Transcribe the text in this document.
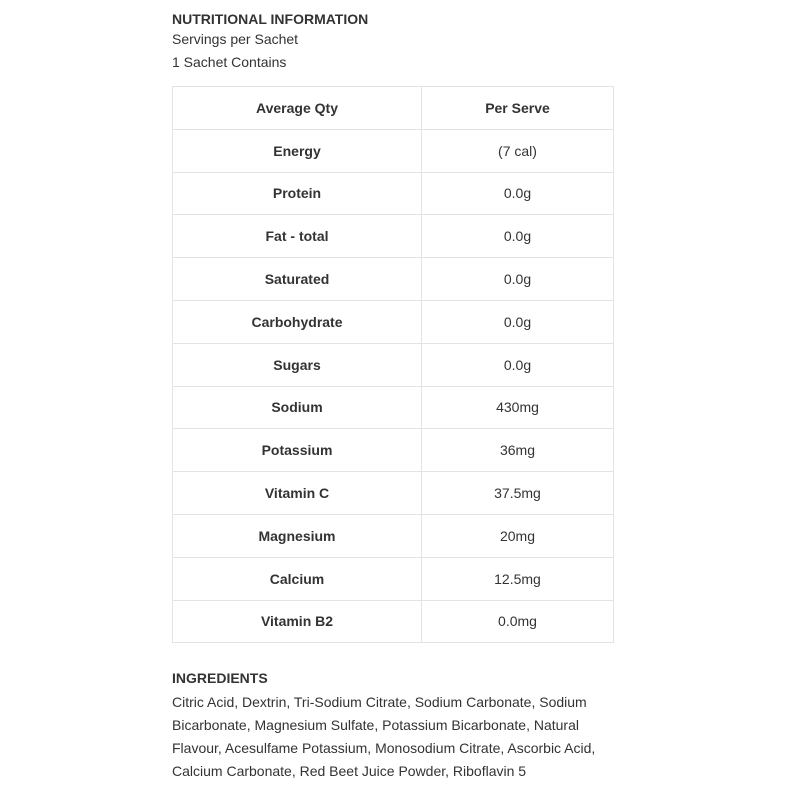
NUTRITIONAL INFORMATION

Servings per Sachet

1 Sachet Contains

Average Qty	Per Serve
Energy	(7 cal)
Protein	0.0g
Fat - total	0.0g
Saturated	0.0g
Carbohydrate	0.0g
Sugars	0.0g
Sodium	430mg
Potassium	36mg
Vitamin C	37.5mg
Magnesium	20mg
Calcium	12.5mg
Vitamin B2	0.0mg

INGREDIENTS

Citric Acid, Dextrin, Tri-Sodium Citrate, Sodium Carbonate, Sodium Bicarbonate, Magnesium Sulfate, Potassium Bicarbonate, Natural Flavour, Acesulfame Potassium, Monosodium Citrate, Ascorbic Acid, Calcium Carbonate, Red Beet Juice Powder, Riboflavin 5
